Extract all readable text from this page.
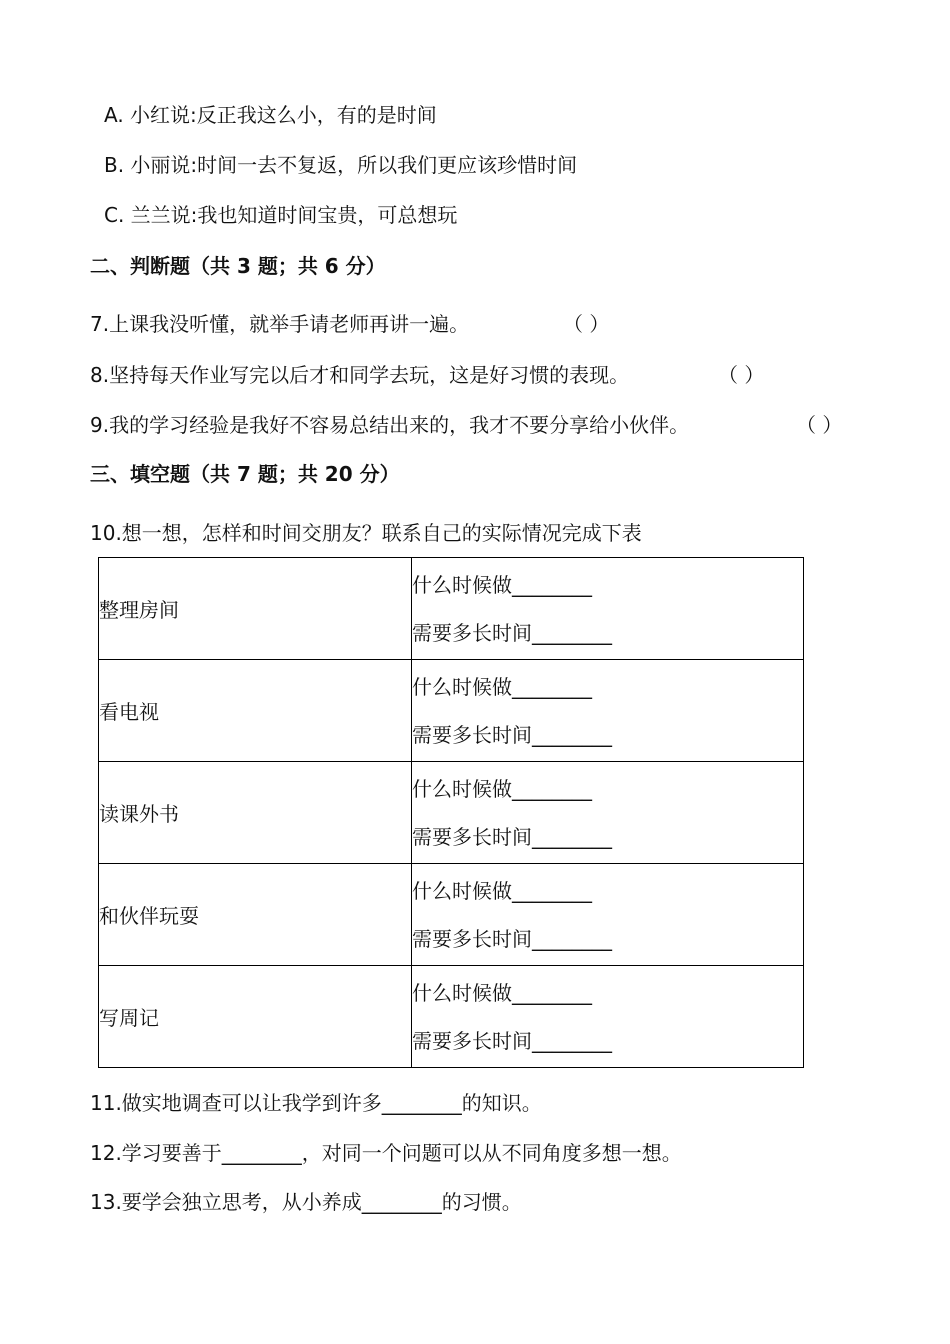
A. 小红说:反正我这么小，有的是时间
B. 小丽说:时间一去不复返，所以我们更应该珍惜时间
C. 兰兰说:我也知道时间宝贵，可总想玩
二、判断题（共 3 题；共 6 分）
7.上课我没听懂，就举手请老师再讲一遍。	（ ）
8.坚持每天作业写完以后才和同学去玩，这是好习惯的表现。	（ ）
9.我的学习经验是我好不容易总结出来的，我才不要分享给小伙伴。	（ ）
三、填空题（共 7 题；共 20 分）
10.想一想，怎样和时间交朋友？联系自己的实际情况完成下表
整理房间	什么时候做________
需要多长时间________

看电视	什么时候做________
需要多长时间________

读课外书	什么时候做________
需要多长时间________

和伙伴玩耍	什么时候做________
需要多长时间________

写周记	什么时候做________
需要多长时间________
11.做实地调查可以让我学到许多________的知识。
12.学习要善于________，对同一个问题可以从不同角度多想一想。
13.要学会独立思考，从小养成________的习惯。
